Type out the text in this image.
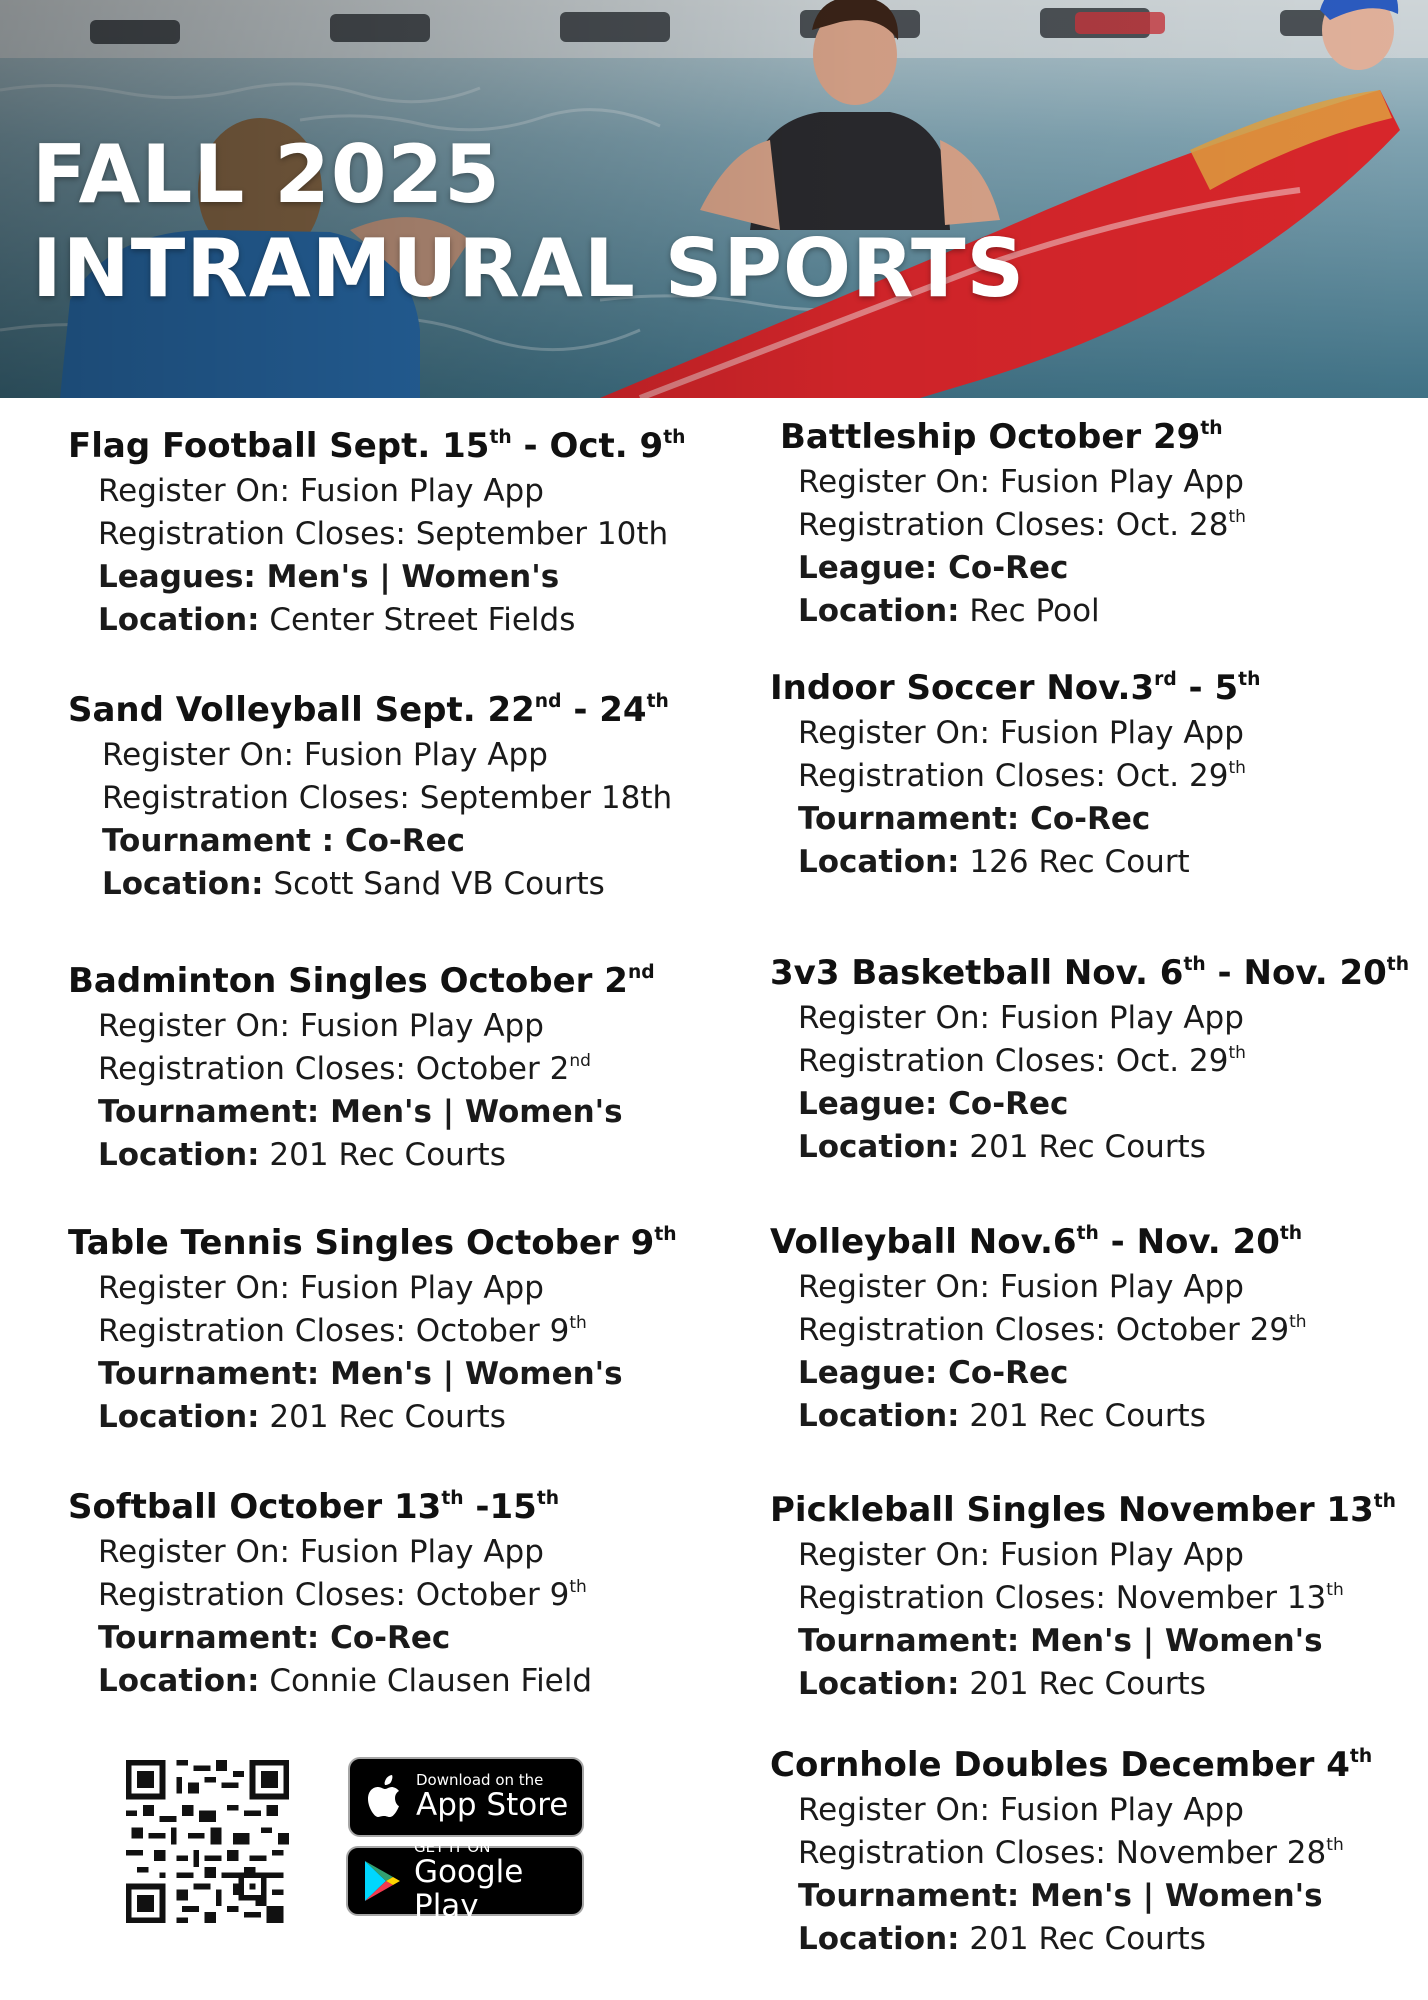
FALL 2025
INTRAMURAL SPORTS
Flag Football Sept. 15th - Oct. 9th
Register On: Fusion Play App
Registration Closes: September 10th
Leagues: Men's | Women's
Location: Center Street Fields
Sand Volleyball Sept. 22nd - 24th
Register On: Fusion Play App
Registration Closes: September 18th
Tournament : Co-Rec
Location: Scott Sand VB Courts
Badminton Singles October 2nd
Register On: Fusion Play App
Registration Closes: October 2nd
Tournament: Men's | Women's
Location: 201 Rec Courts
Table Tennis Singles October 9th
Register On: Fusion Play App
Registration Closes: October 9th
Tournament: Men's | Women's
Location: 201 Rec Courts
Softball October 13th -15th
Register On: Fusion Play App
Registration Closes: October 9th
Tournament: Co-Rec
Location: Connie Clausen Field
Battleship October 29th
Register On: Fusion Play App
Registration Closes: Oct. 28th
League: Co-Rec
Location: Rec Pool
Indoor Soccer Nov.3rd - 5th
Register On: Fusion Play App
Registration Closes: Oct. 29th
Tournament: Co-Rec
Location: 126 Rec Court
3v3 Basketball Nov. 6th - Nov. 20th
Register On: Fusion Play App
Registration Closes: Oct. 29th
League: Co-Rec
Location: 201 Rec Courts
Volleyball Nov.6th - Nov. 20th
Register On: Fusion Play App
Registration Closes: October 29th
League: Co-Rec
Location: 201 Rec Courts
Pickleball Singles November 13th
Register On: Fusion Play App
Registration Closes: November 13th
Tournament: Men's | Women's
Location: 201 Rec Courts
Cornhole Doubles December 4th
Register On: Fusion Play App
Registration Closes: November 28th
Tournament: Men's | Women's
Location: 201 Rec Courts
Download on the
App Store
GET IT ON
Google Play
